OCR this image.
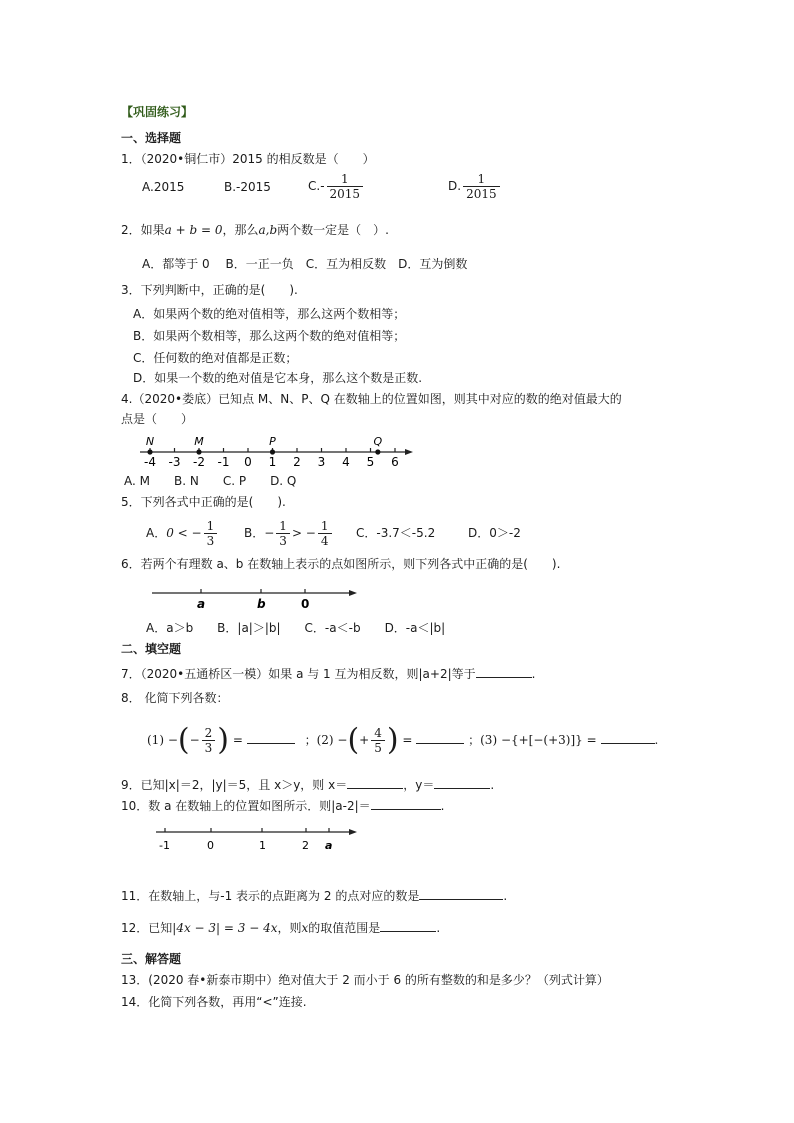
【巩固练习】
一、选择题
1．（2020•铜仁市）2015 的相反数是（　　）
A.2015	B.-2015	$C.- \frac{1}{2015}$	D. $\frac{1}{2015}$
2．如果a + b = 0，那么a,b两个数一定是（　）.
A．都等于 0　 B．一正一负　C．互为相反数　D．互为倒数
3．下列判断中，正确的是(　　).
A．如果两个数的绝对值相等，那么这两个数相等；
B．如果两个数相等，那么这两个数的绝对值相等；
C．任何数的绝对值都是正数；
D．如果一个数的绝对值是它本身，那么这个数是正数.
4.（2020•娄底）已知点 M、N、P、Q 在数轴上的位置如图，则其中对应的数的绝对值最大的
点是（　　）
-4 -3 -2 -1 0 1 2 3 4 5 6
N	M	P	Q
A. M　　B. N　　C. P　　D. Q
5．下列各式中正确的是(　　).
A．0 < − $\frac{1}{3}$ B．− $\frac{1}{3}$ > − $\frac{1}{4}$ C．-3.7＜-5.2	D．0＞-2
6．若两个有理数 a、b 在数轴上表示的点如图所示，则下列各式中正确的是(　　).
a	b	0
A．a＞b　　B．|a|＞|b|　　C．-a＜-b　　D．-a＜|b|
二、填空题
7．（2020•五通桥区一模）如果 a 与 1 互为相反数，则|a+2|等于	.
8． 化简下列各数：
(1) −(− $\frac{2}{3}$ ) =	；(2) −(+ $\frac{4}{5}$ ) =	；(3) −{+[−(+3)]} =	.
9．已知|x|＝2，|y|＝5，且 x＞y，则 x＝	，y＝	.
10．数 a 在数轴上的位置如图所示．则|a-2|＝	.
-1	0	1	2 a
11．在数轴上，与-1 表示的点距离为 2 的点对应的数是	.
12．已知|4x − 3| = 3 − 4x，则x的取值范围是	.
三、解答题
13．(2020 春•新泰市期中）绝对值大于 2 而小于 6 的所有整数的和是多少？（列式计算）
14．化简下列各数，再用“<”连接.
